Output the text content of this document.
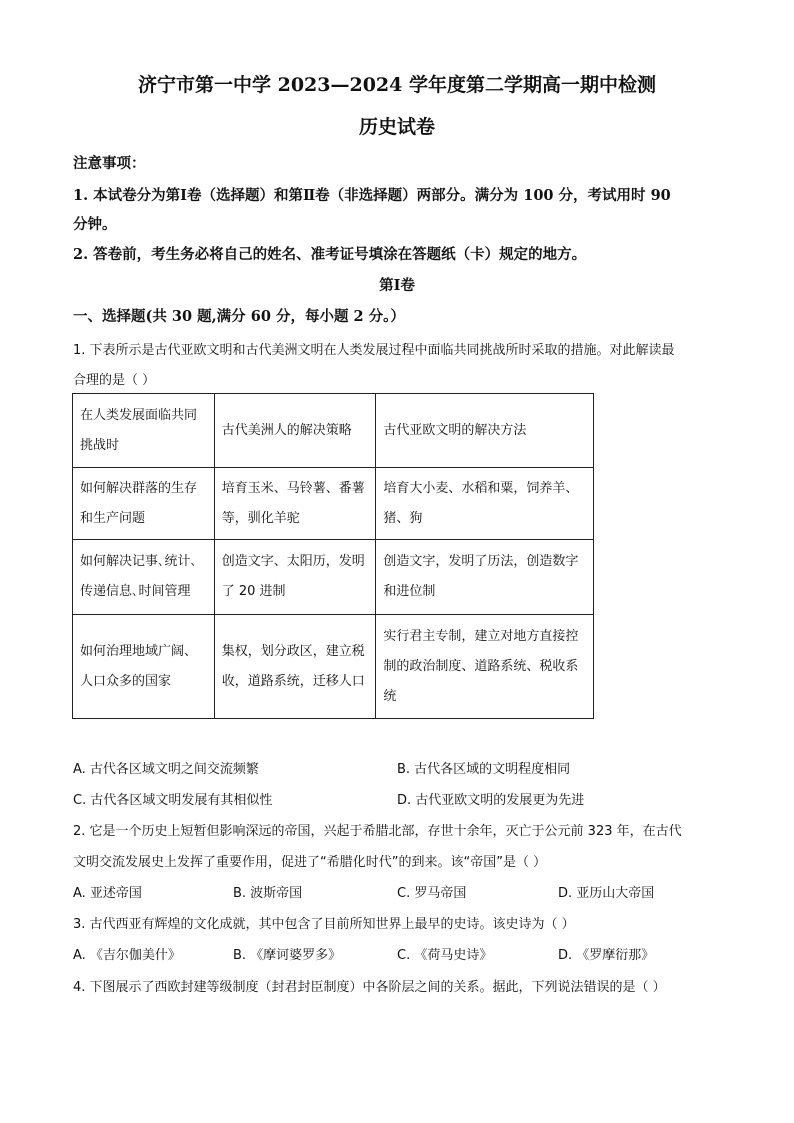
济宁市第一中学 2023—2024 学年度第二学期高一期中检测
历史试卷
注意事项：
1. 本试卷分为第Ⅰ卷（选择题）和第Ⅱ卷（非选择题）两部分。满分为 100 分，考试用时 90
分钟。
2. 答卷前，考生务必将自己的姓名、准考证号填涂在答题纸（卡）规定的地方。
第Ⅰ卷
一、选择题(共 30 题,满分 60 分，每小题 2 分。）
1. 下表所示是古代亚欧文明和古代美洲文明在人类发展过程中面临共同挑战所时采取的措施。对此解读最
合理的是（ ）
在人类发展面临共同挑战时	古代美洲人的解决策略	古代亚欧文明的解决方法
如何解决群落的生存和生产问题	培育玉米、马铃薯、番薯等，驯化羊驼	培育大小麦、水稻和粟，饲养羊、猪、狗
如何解决记事､统计､传递信息､时间管理	创造文字、太阳历，发明了 20 进制	创造文字，发明了历法，创造数字和进位制
如何治理地域广阔、人口众多的国家	集权，划分政区，建立税收，道路系统，迁移人口	实行君主专制，建立对地方直接控制的政治制度、道路系统、税收系统
A. 古代各区域文明之间交流频繁	B. 古代各区域的文明程度相同
C. 古代各区域文明发展有其相似性	D. 古代亚欧文明的发展更为先进
2. 它是一个历史上短暂但影响深远的帝国，兴起于希腊北部，存世十余年，灭亡于公元前 323 年，在古代
文明交流发展史上发挥了重要作用，促进了“希腊化时代”的到来。该“帝国”是（ ）
A. 亚述帝国	B. 波斯帝国	C. 罗马帝国	D. 亚历山大帝国
3. 古代西亚有辉煌的文化成就，其中包含了目前所知世界上最早的史诗。该史诗为（ ）
A. 《吉尔伽美什》	B. 《摩诃婆罗多》	C. 《荷马史诗》	D. 《罗摩衍那》
4. 下图展示了西欧封建等级制度（封君封臣制度）中各阶层之间的关系。据此，下列说法错误的是（ ）
